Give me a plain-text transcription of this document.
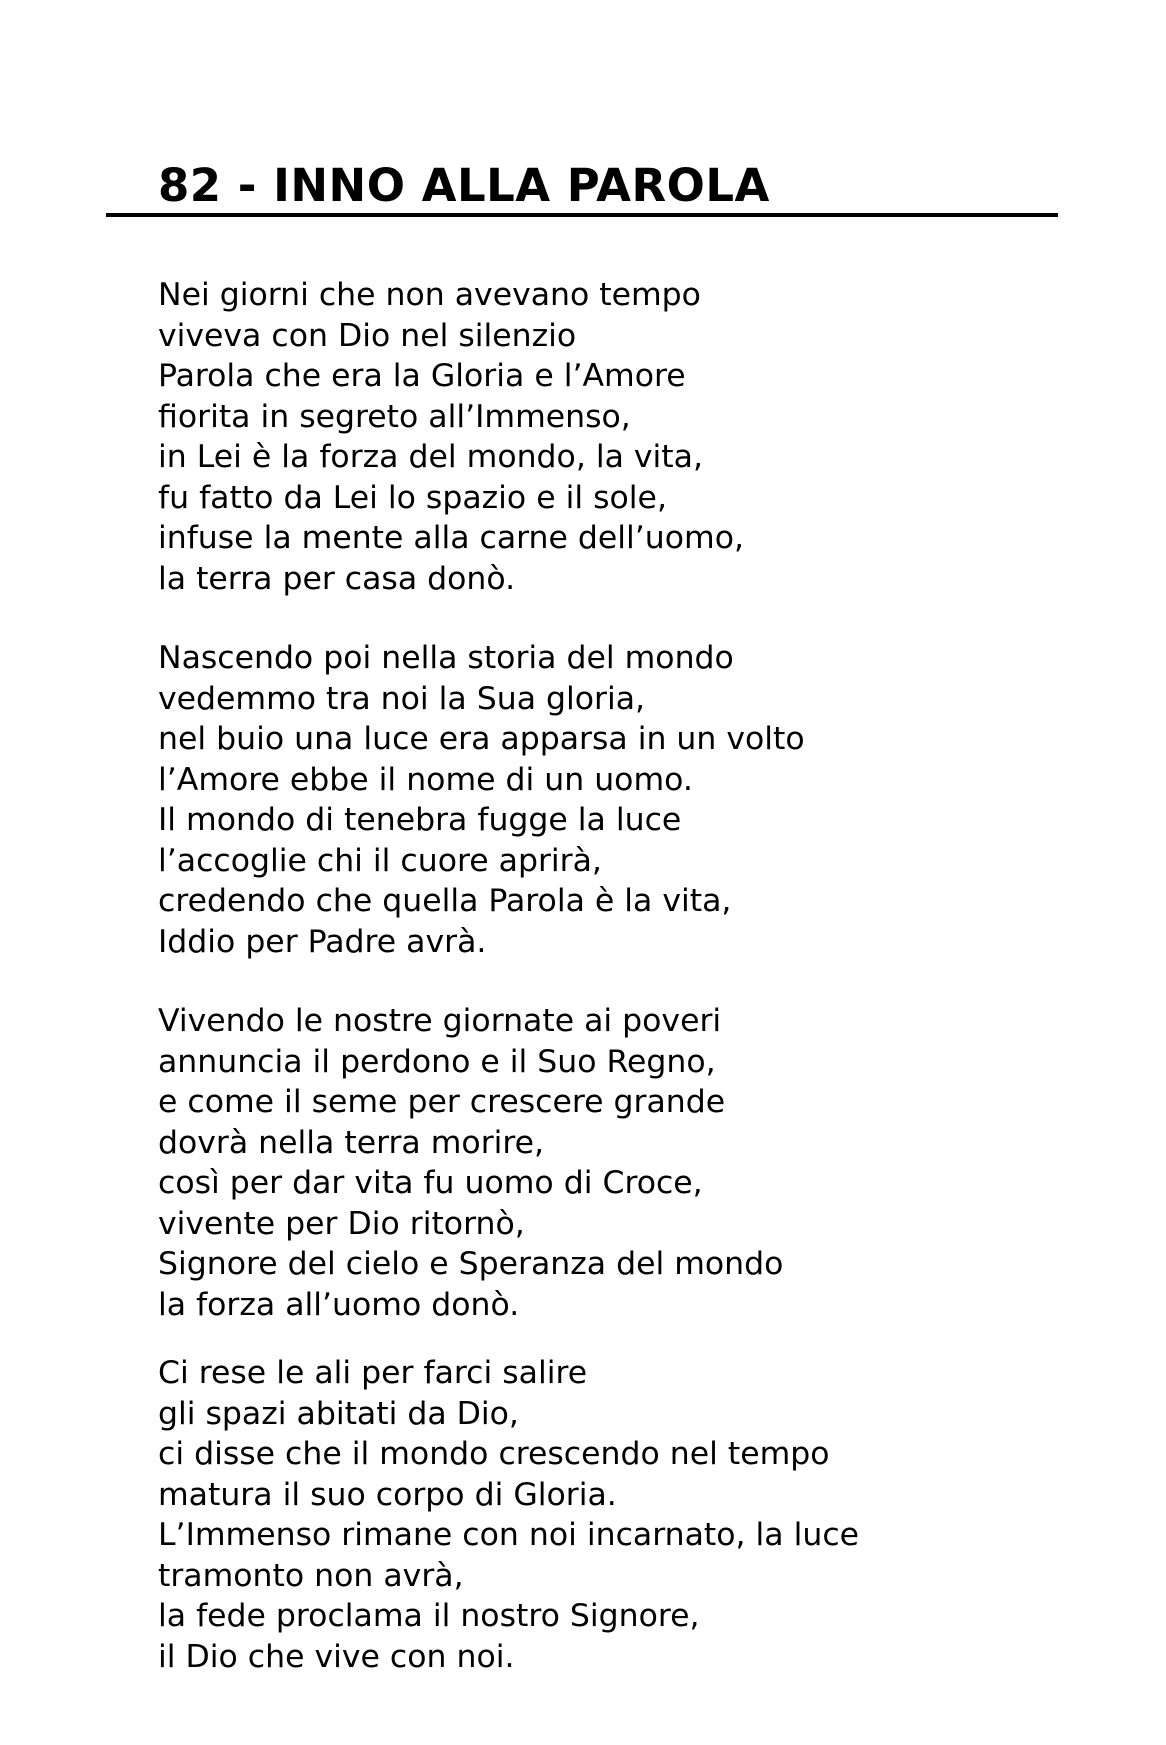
82 - INNO ALLA PAROLA
Nei giorni che non avevano tempo
viveva con Dio nel silenzio
Parola che era la Gloria e l’Amore
fiorita in segreto all’Immenso,
in Lei è la forza del mondo, la vita,
fu fatto da Lei lo spazio e il sole,
infuse la mente alla carne dell’uomo,
la terra per casa donò.
Nascendo poi nella storia del mondo
vedemmo tra noi la Sua gloria,
nel buio una luce era apparsa in un volto
l’Amore ebbe il nome di un uomo.
Il mondo di tenebra fugge la luce
l’accoglie chi il cuore aprirà,
credendo che quella Parola è la vita,
Iddio per Padre avrà.
Vivendo le nostre giornate ai poveri
annuncia il perdono e il Suo Regno,
e come il seme per crescere grande
dovrà nella terra morire,
così per dar vita fu uomo di Croce,
vivente per Dio ritornò,
Signore del cielo e Speranza del mondo
la forza all’uomo donò.
Ci rese le ali per farci salire
gli spazi abitati da Dio,
ci disse che il mondo crescendo nel tempo
matura il suo corpo di Gloria.
L’Immenso rimane con noi incarnato, la luce
tramonto non avrà,
la fede proclama il nostro Signore,
il Dio che vive con noi.
